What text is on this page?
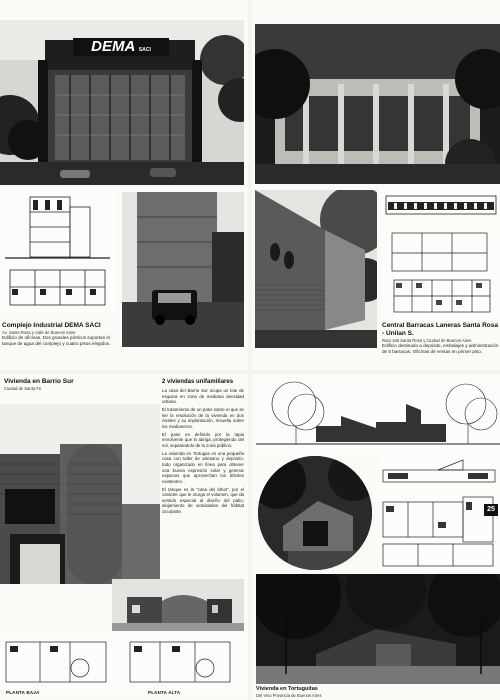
DEMA SACI
Complejo Industrial DEMA SACI
Av. Sante Rosa y calle de Buenos Aires
Edificio de oficinas. Dos grandes pórticos soportan el tanque de agua del complejo y cuatro pisos elegidos.
Central Barracas Laneras Santa Rosa - Unilan S.
Ruta 168 Santa Rosa y Ciudad de Buenos Aires
Edificio destinado a depósito, embalajes y administración de 5 barracas. Oficinas de ventas en primer piso.
Vivienda en Barrio Sur
Ciudad de Santa Fe
PLANTA BAJA	PLANTA ALTA
2 viviendas unifamiliares

La casa del Barrio Sur ocupa un lote de esquina en zona de mediana densidad urbana.

El tratamiento de un patio sobre el que se lee la resolución de la vivienda en dos niveles y su implantación, resuelta sobre los medianeros.

El patio es definido por la tapia envolvente que lo abriga, protegiendo del sol, separándolo de la zona pública.

La vivienda en Tortugas es una pequeña casa con taller de artesano y depósito, todo organizado en línea para obtener una buena expresión solar y generar espacios que aprovechan los árboles existentes.

El tanque es la "casa del árbol", por el carácter que le otorga el volumen, que da sentido especial al diseño del patio, alojamiento de actividades del hábitat circulante.	25
Vivienda en Tortuguitas
Del Viso Provincia de Buenos Aires
